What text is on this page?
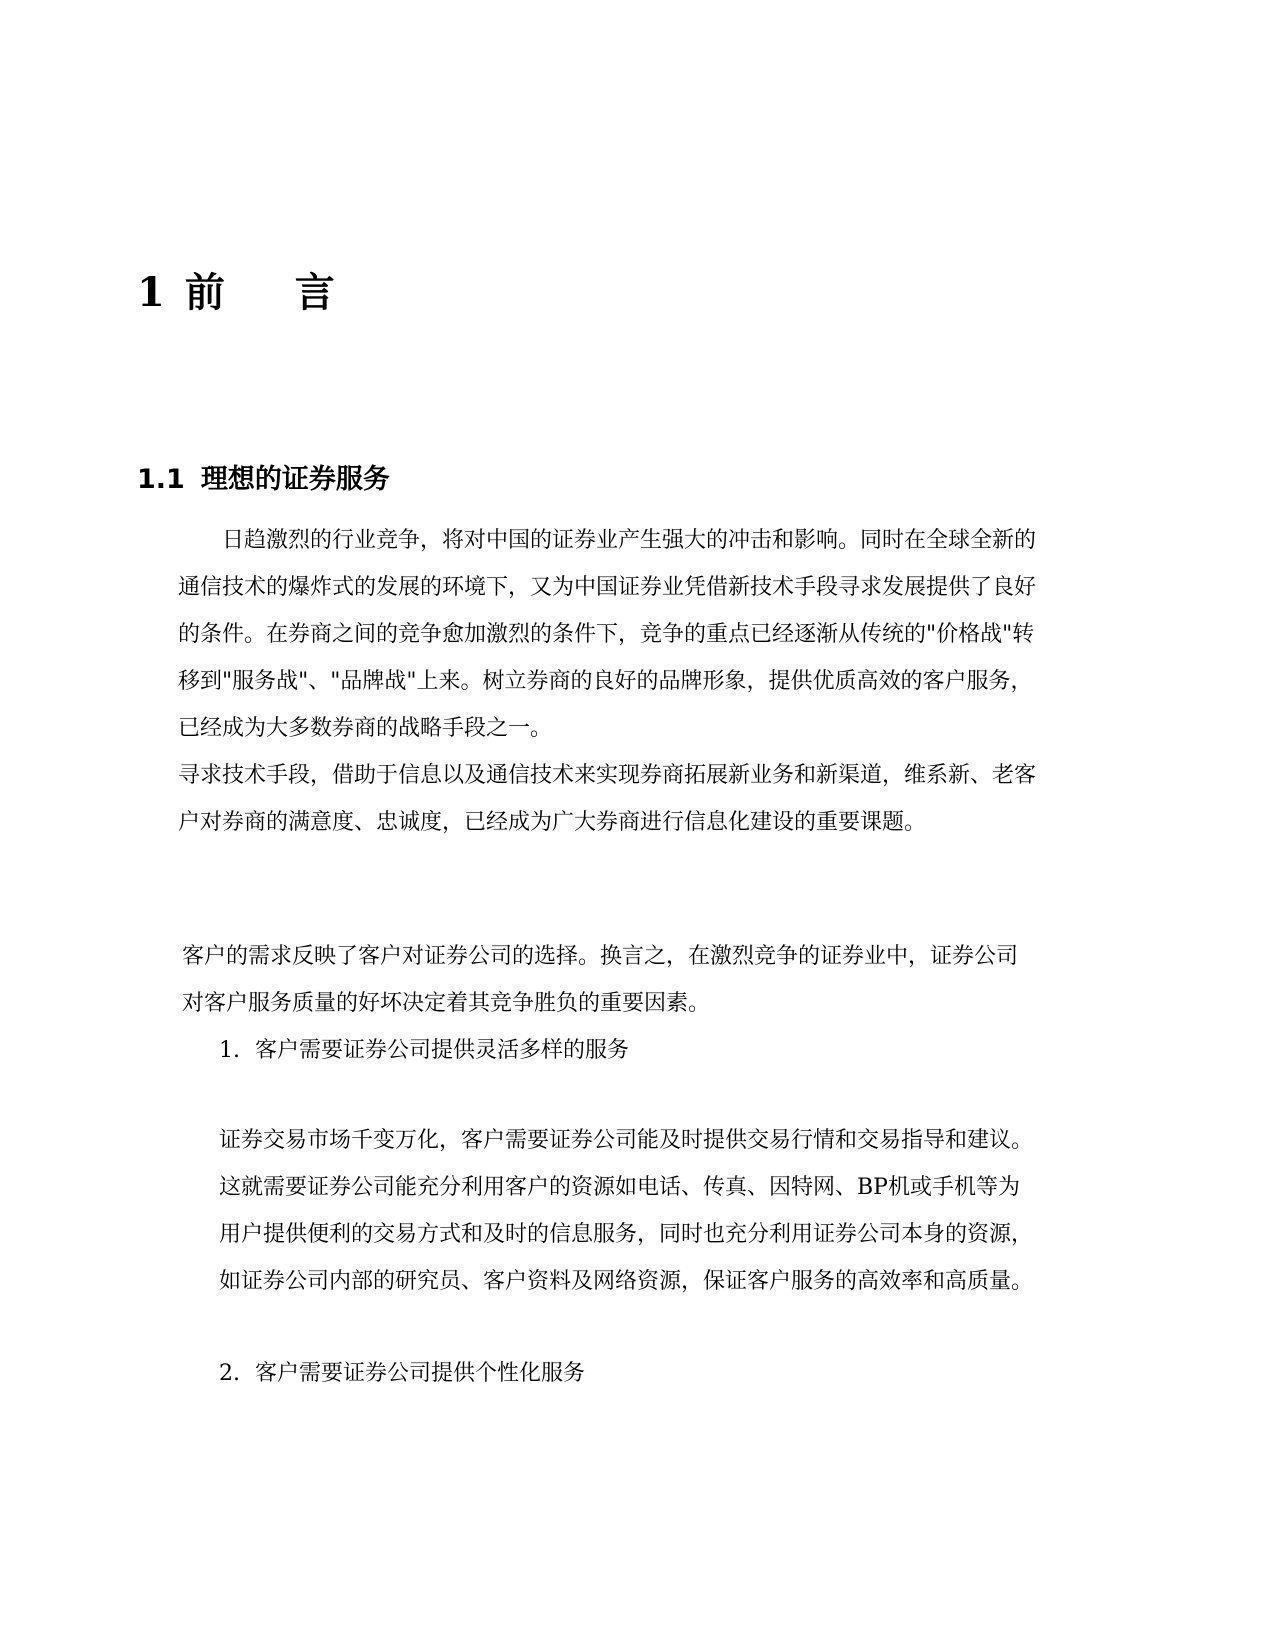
1 前 言
1.1 理想的证券服务

日趋激烈的行业竞争，将对中国的证券业产生强大的冲击和影响。同时在全球全新的通信技术的爆炸式的发展的环境下，又为中国证券业凭借新技术手段寻求发展提供了良好的条件。在券商之间的竞争愈加激烈的条件下，竞争的重点已经逐渐从传统的"价格战"转移到"服务战"、"品牌战"上来。树立券商的良好的品牌形象，提供优质高效的客户服务，已经成为大多数券商的战略手段之一。

寻求技术手段，借助于信息以及通信技术来实现券商拓展新业务和新渠道，维系新、老客户对券商的满意度、忠诚度，已经成为广大券商进行信息化建设的重要课题。

客户的需求反映了客户对证券公司的选择。换言之，在激烈竞争的证券业中，证券公司对客户服务质量的好坏决定着其竞争胜负的重要因素。

1. 客户需要证券公司提供灵活多样的服务

证券交易市场千变万化，客户需要证券公司能及时提供交易行情和交易指导和建议。这就需要证券公司能充分利用客户的资源如电话、传真、因特网、BP机或手机等为用户提供便利的交易方式和及时的信息服务，同时也充分利用证券公司本身的资源，如证券公司内部的研究员、客户资料及网络资源，保证客户服务的高效率和高质量。

2. 客户需要证券公司提供个性化服务
